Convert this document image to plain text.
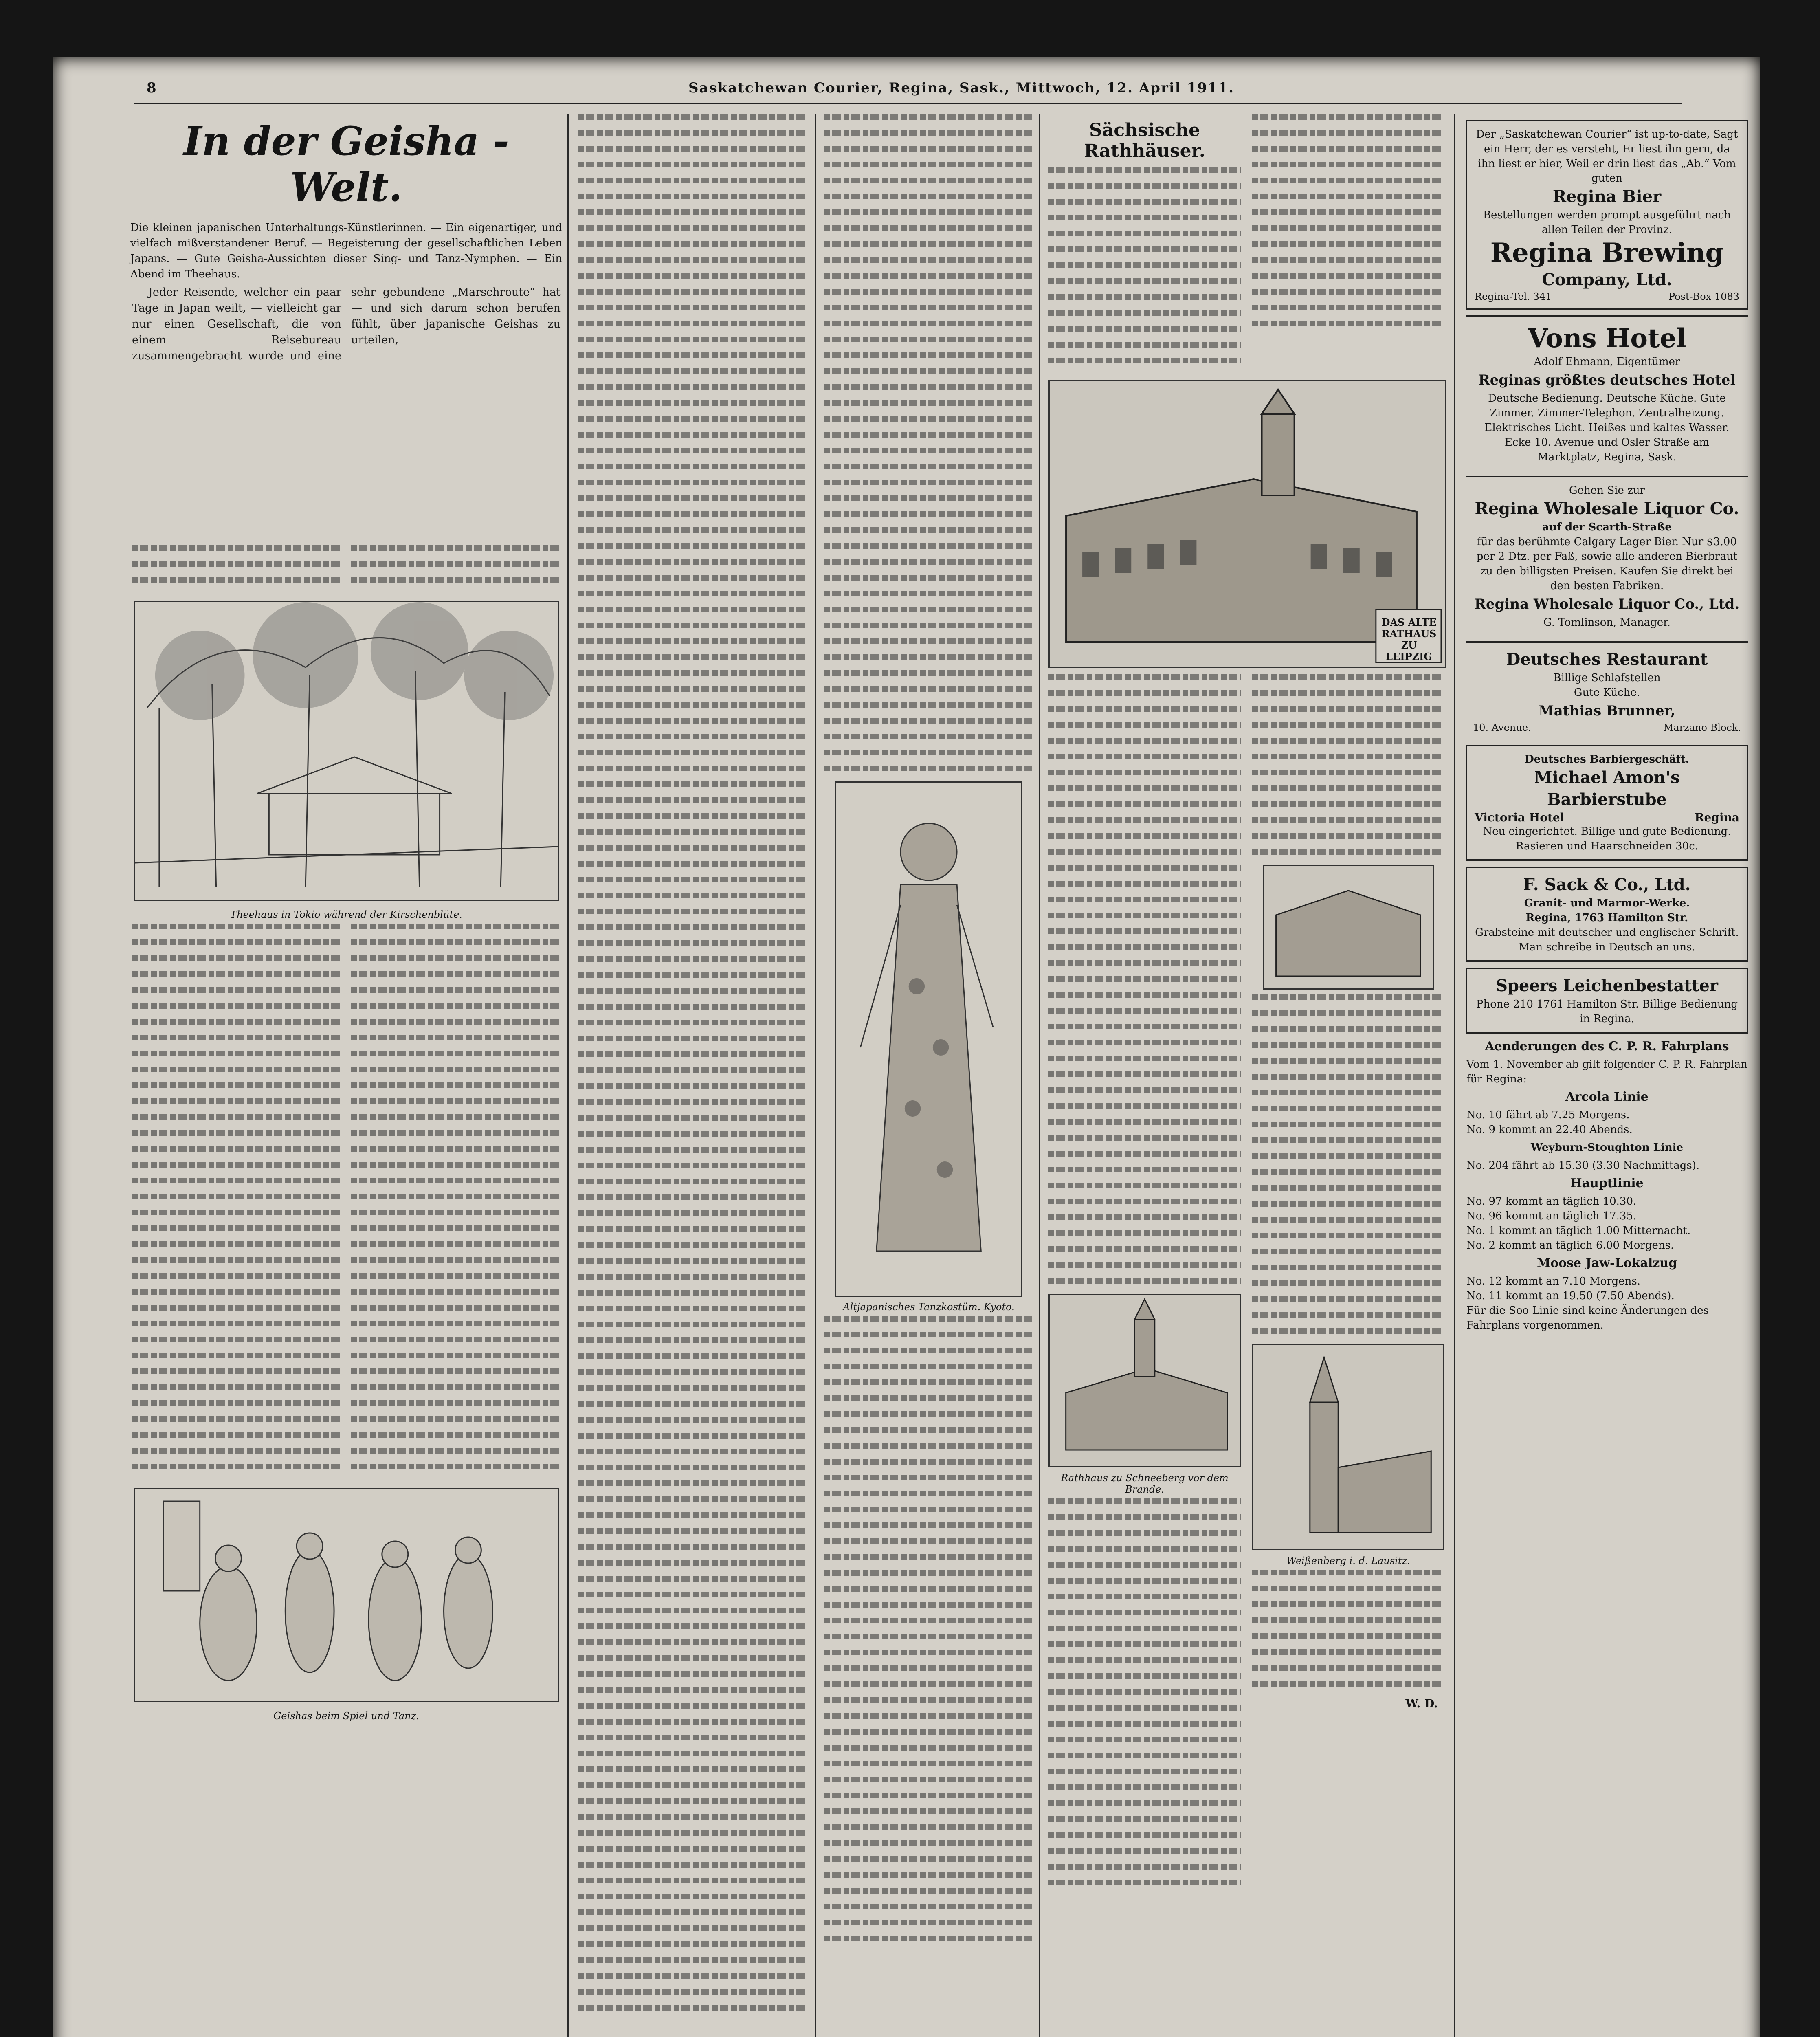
8	Saskatchewan Courier, Regina, Sask., Mittwoch, 12. April 1911.
In der Geisha - Welt.
Die kleinen japanischen Unterhaltungs-Künstlerinnen. — Ein eigenartiger, und vielfach mißverstandener Beruf. — Begeisterung der gesellschaftlichen Leben Japans. — Gute Geisha-Aussichten dieser Sing- und Tanz-Nymphen. — Ein Abend im Theehaus.

Jeder Reisende, welcher ein paar Tage in Japan weilt, — vielleicht gar nur einen Gesellschaft, die von einem Reisebureau zusammengebracht wurde und eine sehr gebundene „Marschroute“ hat — und sich darum schon berufen fühlt, über japanische Geishas zu urteilen,

Theehaus in Tokio während der Kirschenblüte.
Geishas beim Spiel und Tanz.
Altjapanisches Tanzkostüm. Kyoto.
Sächsische Rathhäuser.
DAS ALTE RATHAUS ZU LEIPZIG
Rathhaus zu Schneeberg vor dem Brande.
Weißenberg i. d. Lausitz.
W. D.
Der „Saskatchewan Courier“ ist up-to-date, Sagt ein Herr, der es versteht, Er liest ihn gern, da ihn liest er hier, Weil er drin liest das „Ab.“ Vom guten
Regina Bier
Bestellungen werden prompt ausgeführt nach allen Teilen der Provinz.
Regina Brewing
Company, Ltd.
Regina-Tel. 341	Post-Box 1083
Vons Hotel
Adolf Ehmann, Eigentümer
Reginas größtes deutsches Hotel
Deutsche Bedienung. Deutsche Küche. Gute Zimmer. Zimmer-Telephon. Zentralheizung. Elektrisches Licht. Heißes und kaltes Wasser.
Ecke 10. Avenue und Osler Straße am Marktplatz, Regina, Sask.
Gehen Sie zur
Regina Wholesale Liquor Co.
auf der Scarth-Straße
für das berühmte Calgary Lager Bier. Nur $3.00 per 2 Dtz. per Faß, sowie alle anderen Bierbraut zu den billigsten Preisen. Kaufen Sie direkt bei den besten Fabriken.
Regina Wholesale Liquor Co., Ltd.
G. Tomlinson, Manager.
Deutsches Restaurant
Billige Schlafstellen
Gute Küche.
Mathias Brunner,
10. Avenue.	Marzano Block.
Deutsches Barbiergeschäft.
Michael Amon's Barbierstube
Victoria Hotel	Regina
Neu eingerichtet. Billige und gute Bedienung. Rasieren und Haarschneiden 30c.
F. Sack & Co., Ltd.
Granit- und Marmor-Werke.
Regina, 1763 Hamilton Str.
Grabsteine mit deutscher und englischer Schrift. Man schreibe in Deutsch an uns.
Speers Leichenbestatter
Phone 210 1761 Hamilton Str. Billige Bedienung in Regina.
Aenderungen des C. P. R. Fahrplans
Vom 1. November ab gilt folgender C. P. R. Fahrplan für Regina:
Arcola Linie
No. 10 fährt ab 7.25 Morgens.
No. 9 kommt an 22.40 Abends.
Weyburn-Stoughton Linie
No. 204 fährt ab 15.30 (3.30 Nachmittags).
Hauptlinie
No. 97 kommt an täglich 10.30.
No. 96 kommt an täglich 17.35.
No. 1 kommt an täglich 1.00 Mitternacht.
No. 2 kommt an täglich 6.00 Morgens.
Moose Jaw-Lokalzug
No. 12 kommt an 7.10 Morgens.
No. 11 kommt an 19.50 (7.50 Abends).
Für die Soo Linie sind keine Änderungen des Fahrplans vorgenommen.
